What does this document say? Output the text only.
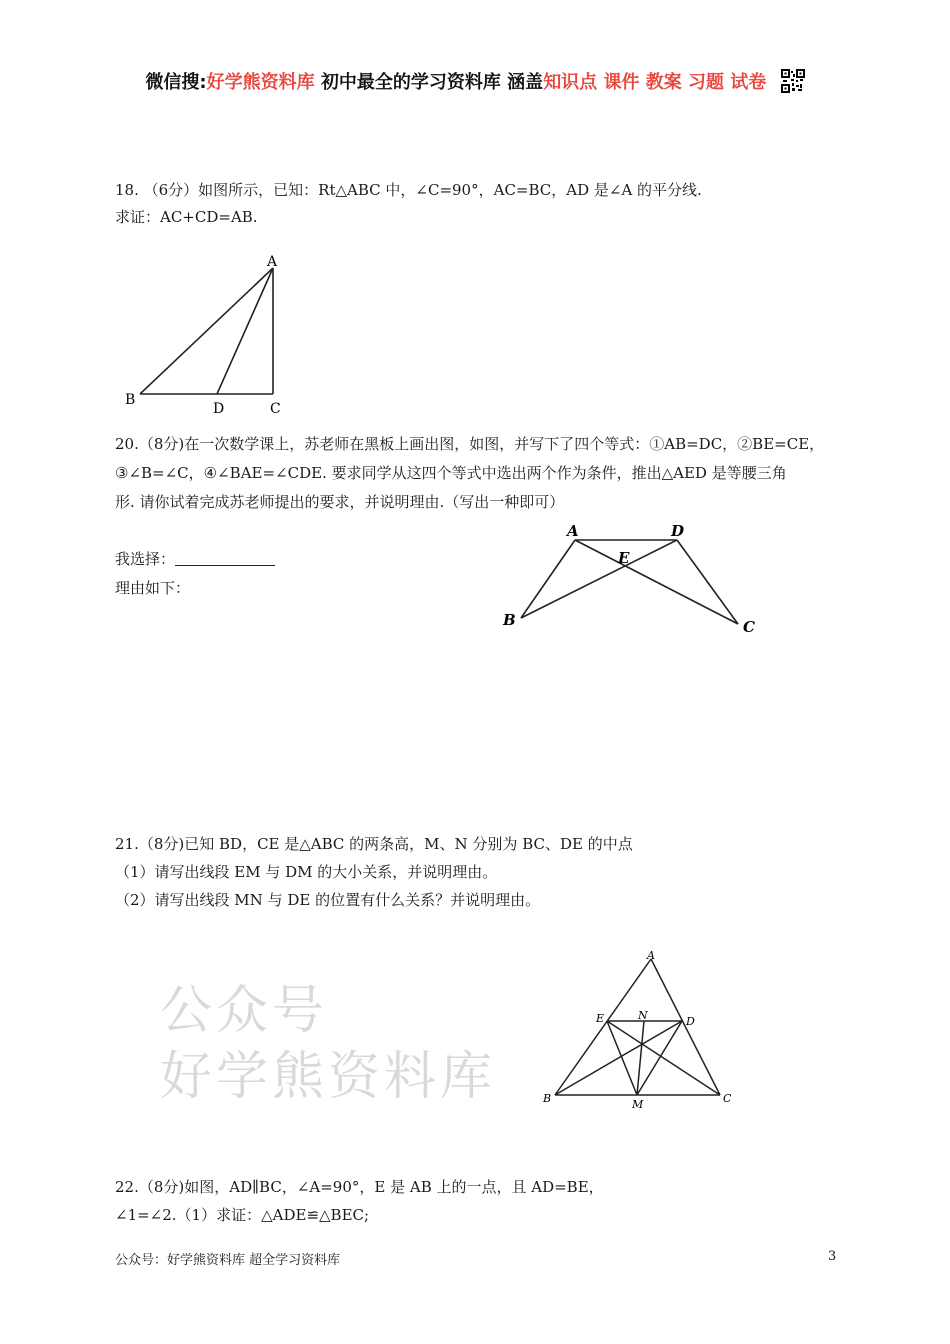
微信搜:好学熊资料库 初中最全的学习资料库 涵盖知识点 课件 教案 习题 试卷
18. （6分）如图所示，已知：Rt△ABC 中，∠C=90°，AC=BC，AD 是∠A 的平分线.
求证：AC+CD=AB.
A
B
D	C
20.（8分)在一次数学课上，苏老师在黑板上画出图，如图，并写下了四个等式：①AB=DC，②BE=CE，
③∠B=∠C，④∠BAE=∠CDE. 要求同学从这四个等式中选出两个作为条件，推出△AED 是等腰三角
形. 请你试着完成苏老师提出的要求，并说明理由.（写出一种即可）
我选择：
理由如下：
A	D
E
B	C
21.（8分)已知 BD，CE 是△ABC 的两条高，M、N 分别为 BC、DE 的中点
（1）请写出线段 EM 与 DM 的大小关系，并说明理由。
（2）请写出线段 MN 与 DE 的位置有什么关系？并说明理由。
公众号
好学熊资料库
A
E	N	D
B	M	C
22.（8分)如图，AD∥BC，∠A=90°，E 是 AB 上的一点，且 AD=BE，
∠1=∠2.（1）求证：△ADE≌△BEC;
公众号：好学熊资料库 超全学习资料库	3
